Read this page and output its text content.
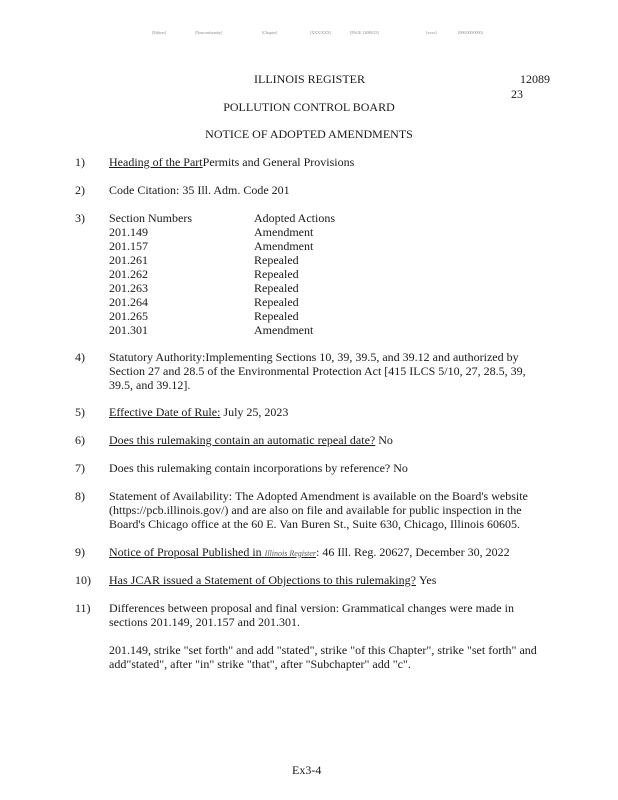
[Editors]	[Nonconformity]	[Chapter]	[XXX/XXX]	[PAGE 12089/23]	[xxxx]	[000/000/0000]
ILLINOIS REGISTER	12089
23
POLLUTION CONTROL BOARD
NOTICE OF ADOPTED AMENDMENTS
1) Heading of the PartPermits and General Provisions
2) Code Citation: 35 Ill. Adm. Code 201
3) Section Numbers	Adopted Actions
201.149	Amendment
201.157	Amendment
201.261	Repealed
201.262	Repealed
201.263	Repealed
201.264	Repealed
201.265	Repealed
201.301	Amendment
4) Statutory Authority:Implementing Sections 10, 39, 39.5, and 39.12 and authorized by
Section 27 and 28.5 of the Environmental Protection Act [415 ILCS 5/10, 27, 28.5, 39,
39.5, and 39.12].
5) Effective Date of Rule: July 25, 2023
6) Does this rulemaking contain an automatic repeal date? No
7) Does this rulemaking contain incorporations by reference? No
8) Statement of Availability: The Adopted Amendment is available on the Board's website
(https://pcb.illinois.gov/) and are also on file and available for public inspection in the
Board's Chicago office at the 60 E. Van Buren St., Suite 630, Chicago, Illinois 60605.
9) Notice of Proposal Published in Illinois Register: 46 Ill. Reg. 20627, December 30, 2022
10) Has JCAR issued a Statement of Objections to this rulemaking? Yes
11) Differences between proposal and final version: Grammatical changes were made in
sections 201.149, 201.157 and 201.301.
201.149, strike "set forth" and add "stated", strike "of this Chapter", strike "set forth" and
add"stated", after "in" strike "that", after "Subchapter" add "c".
Ex3-4
